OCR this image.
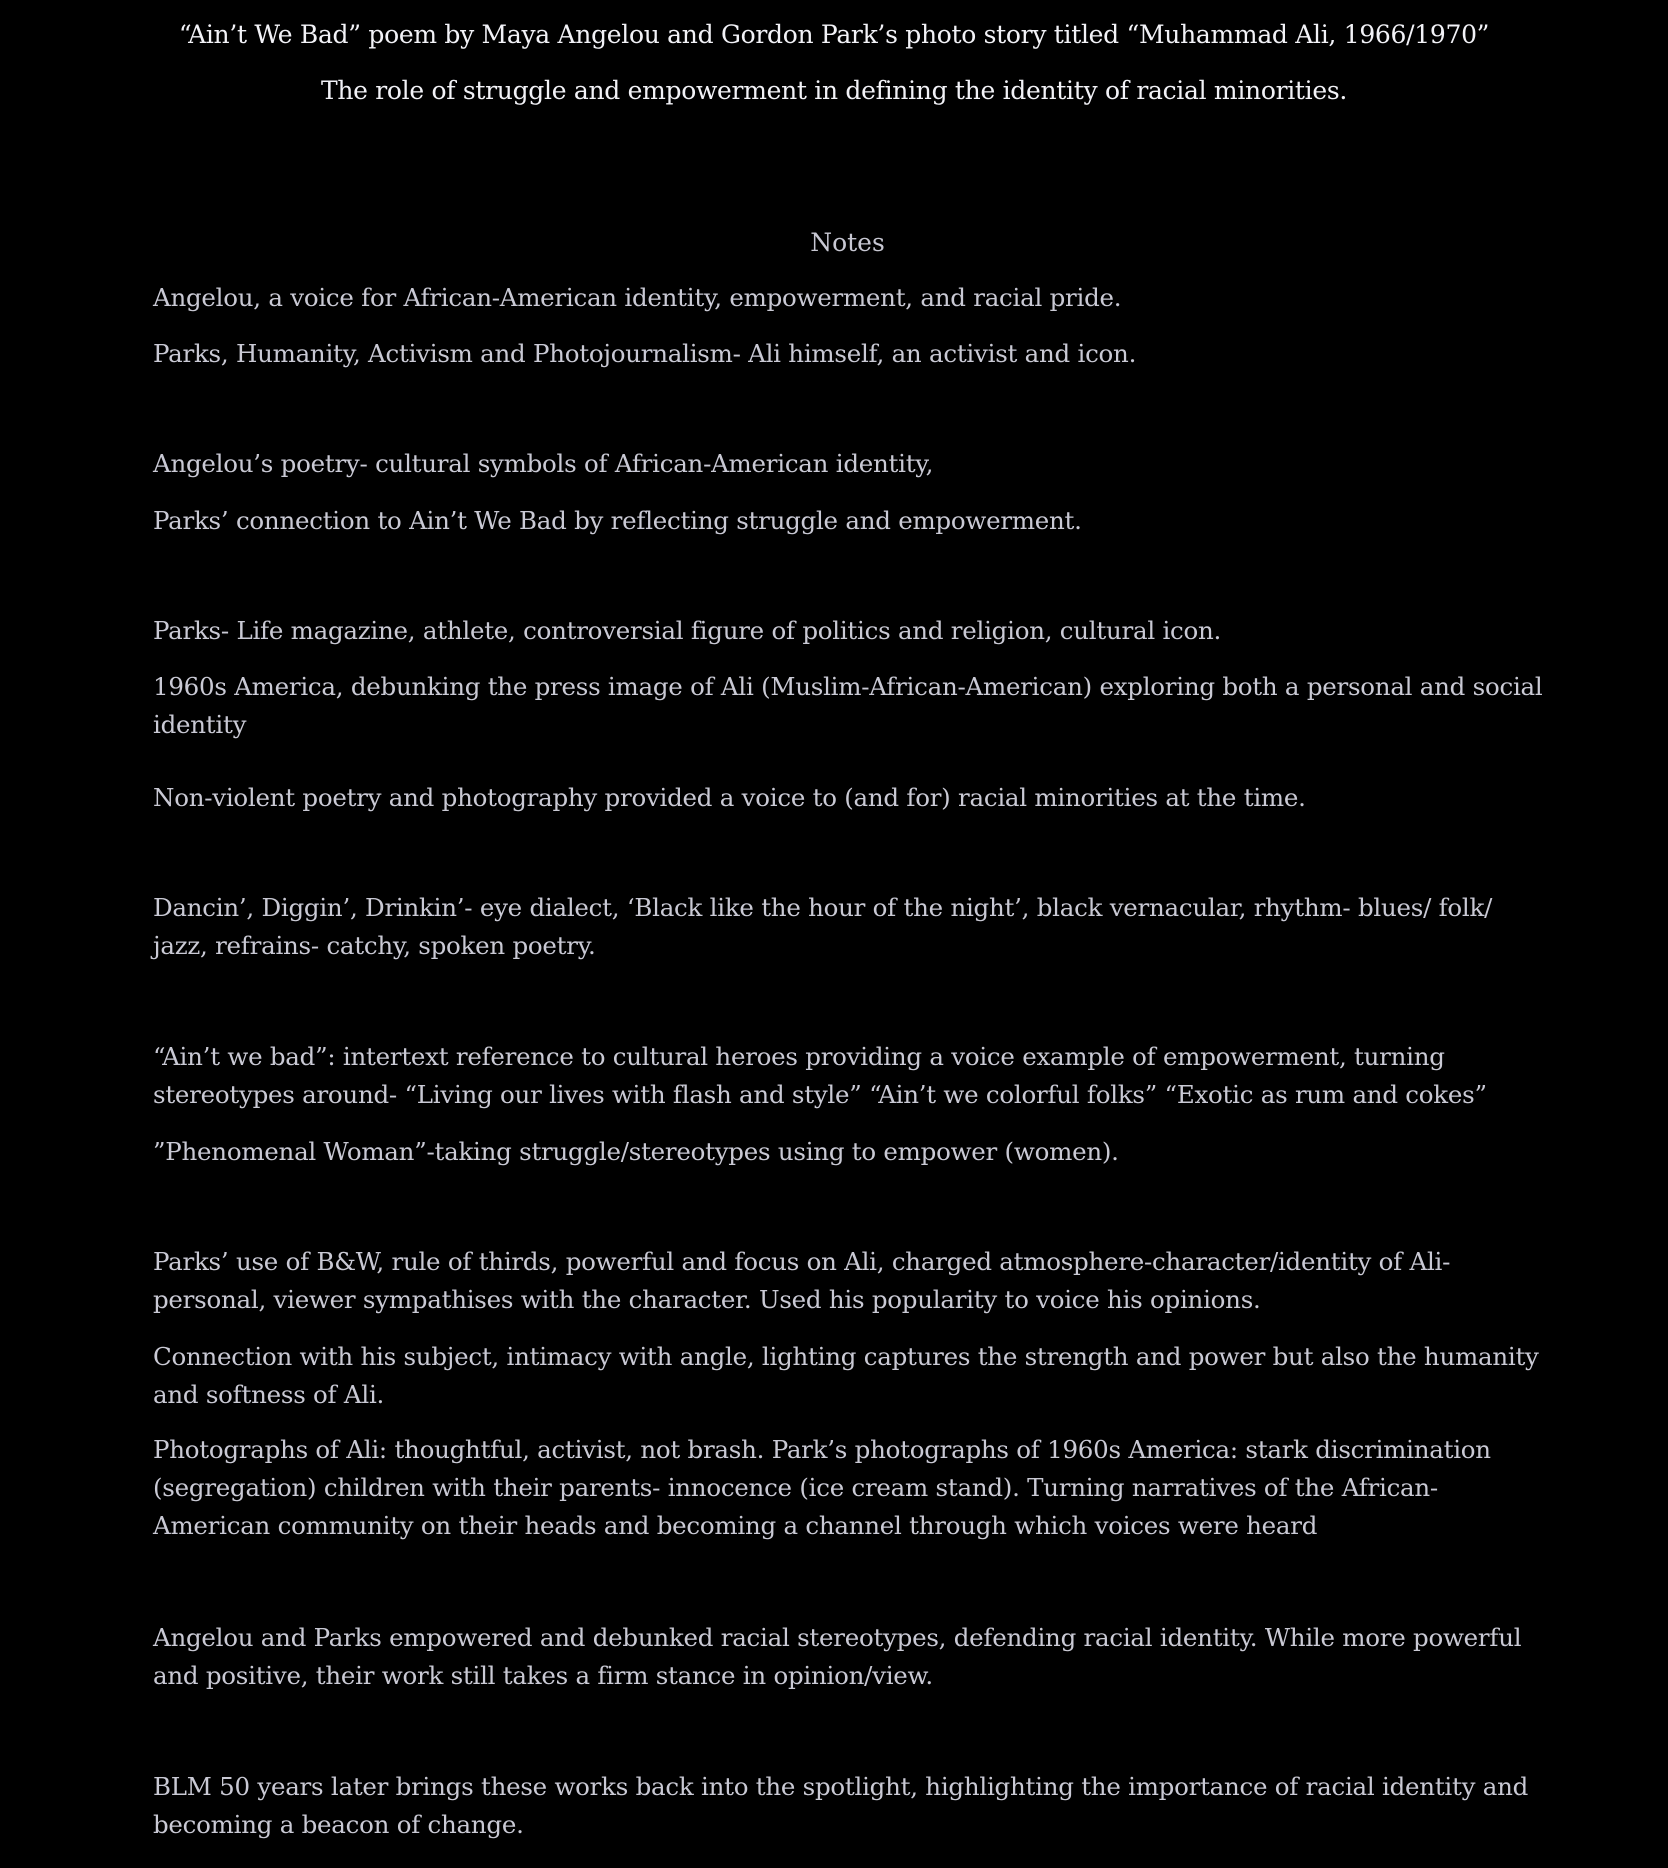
“Ain’t We Bad” poem by Maya Angelou and Gordon Park’s photo story titled “Muhammad Ali, 1966/1970”
The role of struggle and empowerment in defining the identity of racial minorities.
Notes
Angelou, a voice for African-American identity, empowerment, and racial pride.
Parks, Humanity, Activism and Photojournalism- Ali himself, an activist and icon.
Angelou’s poetry- cultural symbols of African-American identity,
Parks’ connection to Ain’t We Bad by reflecting struggle and empowerment.
Parks- Life magazine, athlete, controversial figure of politics and religion, cultural icon.
1960s America, debunking the press image of Ali (Muslim-African-American) exploring both a personal and social identity
Non-violent poetry and photography provided a voice to (and for) racial minorities at the time.
Dancin’, Diggin’, Drinkin’- eye dialect, ‘Black like the hour of the night’, black vernacular, rhythm- blues/ folk/ jazz, refrains- catchy, spoken poetry.
“Ain’t we bad”: intertext reference to cultural heroes providing a voice example of empowerment, turning stereotypes around- “Living our lives with flash and style” “Ain’t we colorful folks” “Exotic as rum and cokes”
”Phenomenal Woman”-taking struggle/stereotypes using to empower (women).
Parks’ use of B&W, rule of thirds, powerful and focus on Ali, charged atmosphere-character/identity of Ali- personal, viewer sympathises with the character. Used his popularity to voice his opinions.
Connection with his subject, intimacy with angle, lighting captures the strength and power but also the humanity and softness of Ali.
Photographs of Ali: thoughtful, activist, not brash. Park’s photographs of 1960s America: stark discrimination (segregation) children with their parents- innocence (ice cream stand). Turning narratives of the African-American community on their heads and becoming a channel through which voices were heard
Angelou and Parks empowered and debunked racial stereotypes, defending racial identity. While more powerful and positive, their work still takes a firm stance in opinion/view.
BLM 50 years later brings these works back into the spotlight, highlighting the importance of racial identity and becoming a beacon of change.
